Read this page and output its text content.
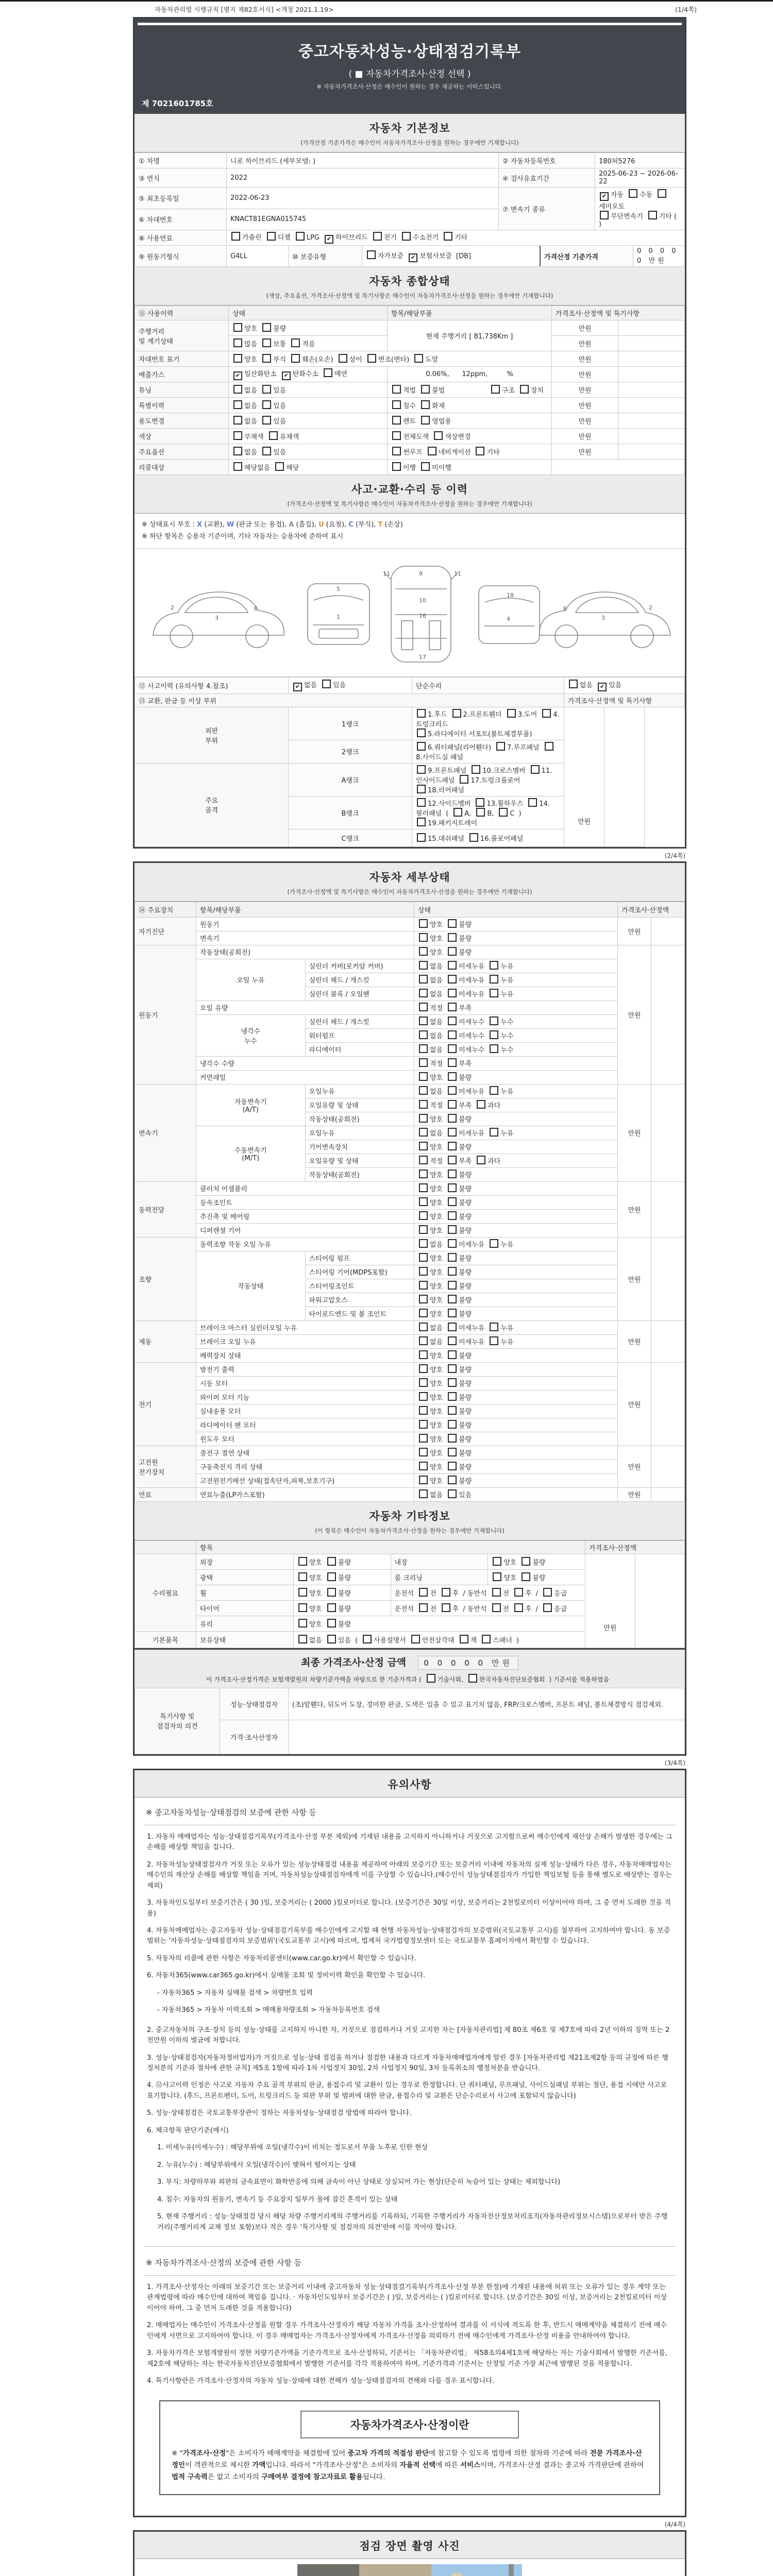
자동차관리법 시행규칙 [별지 제82호서식] <개정 2021.1.19>	(1/4쪽)
중고자동차성능·상태점검기록부
( ■ 자동차가격조사·산정 선택 )
※ 자동차가격조사·산정은 매수인이 원하는 경우 제공하는 서비스입니다.
제 7021601785호
자동차 기본정보
(가격산정 기준가격은 매수인이 자동차가격조사·산정을 원하는 경우에만 기재합니다)
① 차명	니로 하이브리드 (세부모델: )	② 자동차등록번호	180허5276
③ 연식	2022	④ 검사유효기간	2025-06-23 ~ 2026-06-22
⑤ 최초등록일	2022-06-23	⑦ 변속기 종류	✔ 자동 수동세미오토
무단변속기 기타 ( )
⑥ 차대번호	KNACT81EGNA015745
⑧ 사용연료	가솔린 디젤 LPG ✔ 하이브리드 전기 수소전기 기타
⑨ 원동기형식		G4LL	⑩ 보증유형	자가보증 ✔ 보험사보증 [DB]	가격산정 기준가격	0 0 0 0 0 만원
자동차 종합상태
(색상, 주요옵션, 가격조사·산정액 및 특기사항은 매수인이 자동차가격조사·산정을 원하는 경우에만 기재합니다)
⑪ 사용이력	상태	항목/해당부품	가격조사·산정액 및 특기사항	
주행거리
및 계기상태	양호 불량	현재 주행거리 [ 81,738Km ]	만원	
	많음 보통 적음		만원	
차대번호 표기	양호 부식 훼손(오손) 상이 변조(변타) 도말		만원	
배출가스	✔ 일산화탄소 ✔ 탄화수소 매연	0.06%,      12ppm,         %	만원	
튜닝	없음 있음	적법 불법 구조 장치	만원	
특별이력	없음 있음	침수 화재	만원	
용도변경	없음 있음	렌트 영업용	만원	
색상	무채색 유채색	전체도색 색상변경	만원	
주요옵션	없음 있음	썬루프 네비게이션 기타	만원	
리콜대상	해당없음 해당	이행 미이행		
사고·교환·수리 등 이력
(가격조사·산정액 및 특기사항은 매수인이 자동차가격조사·산정을 원하는 경우에만 기재합니다)
※ 상태표시 부호 : X (교환), W (판금 또는 용접), A (흠집), U (요철), C (부식), T (손상)
※ 하단 항목은 승용차 기준이며, 기타 자동차는 승용차에 준하여 표시
2
3
6
1
5
11	11
9
10
16
17
4
18
2
3
6
⑫ 사고이력 (유의사항 4.참조)	✔ 없음 있음	단순수리	없음 ✔ 있음	
⑬ 교환, 판금 등 이상 부위			가격조사·산정액 및 특기사항	
외판
부위	1랭크	1.후드 2.프론트휀더 3.도어 4.트렁크리드
5.라디에이터 서포트(볼트체결부품)	만원	
	2랭크	6.쿼터패널(리어휀다) 7.루프패널8.사이드실 패널		
주요
골격	A랭크	9.프론트패널 10.크로스멤버 11.인사이드패널 17.트렁크플로어
18.리어패널		
	B랭크	12.사이드멤버 13.휠하우스 14.필러패널 ( A, B, C )
19.패키지트레이		
	C랭크	15.대쉬패널 16.플로어패널		
(2/4쪽)
자동차 세부상태
(가격조사·산정액 및 특기사항은 매수인이 자동차가격조사·산정을 원하는 경우에만 기재합니다)
⑭ 주요장치	항목/해당부품		상태	가격조사·산정액	
자기진단	원동기		양호 불량	만원	
	변속기		양호 불량		
원동기	작동상태(공회전)		양호 불량	만원	
	오일 누유	실린더 커버(로커암 커버)	없음 미세누유 누유		
		실린더 헤드 / 개스킷	없음 미세누유 누유		
		실린더 블록 / 오일팬	없음 미세누유 누유		
	오일 유량		적정 부족		
	냉각수
누수	실린더 헤드 / 개스킷	없음 미세누수 누수		
		워터펌프	없음 미세누수 누수		
		라디에이터	없음 미세누수 누수		
	냉각수 수량		적정 부족		
	커먼레일		양호 불량		
변속기	자동변속기
(A/T)	오일누유	없음 미세누유 누유	만원	
		오일유량 및 상태	적정 부족 과다		
		작동상태(공회전)	양호 불량		
	수동변속기
(M/T)	오일누유	없음 미세누유 누유		
		기어변속장치	양호 불량		
		오일유량 및 상태	적정 부족 과다		
		작동상태(공회전)	양호 불량		
동력전달	클러치 어셈블리		양호 불량	만원	
	등속조인트		양호 불량		
	추진축 및 베어링		양호 불량		
	디퍼렌셜 기어		양호 불량		
조향	동력조향 작동 오일 누유		없음 미세누유 누유	만원	
	작동상태	스티어링 펌프	양호 불량		
		스티어링 기어(MDPS포함)	양호 불량		
		스티어링조인트	양호 불량		
		파워고압호스	양호 불량		
		타이로드엔드 및 볼 조인트	양호 불량		
제동	브레이크 마스터 실린더오일 누유		없음 미세누유 누유	만원	
	브레이크 오일 누유		없음 미세누유 누유		
	배력장치 상태		양호 불량		
전기	발전기 출력		양호 불량	만원	
	시동 모터		양호 불량		
	와이퍼 모터 기능		양호 불량		
	실내송풍 모터		양호 불량		
	라디에이터 팬 모터		양호 불량		
	윈도우 모터		양호 불량		
고전원
전기장치	충전구 절연 상태		양호 불량	만원	
	구동축전지 격리 상태		양호 불량		
	고전원전기배선 상태(접속단자,피복,보호기구)		양호 불량		
연료	연료누출(LP가스포함)		없음 있음	만원	
자동차 기타정보
(이 항목은 매수인이 자동차가격조사·산정을 원하는 경우에만 기재합니다)
	항목				가격조사·산정액	
수리필요	외장	양호 불량	내장	양호 불량	만원	
	광택	양호 불량	룸 크리닝	양호 불량		
	휠	양호 불량	운전석 전 후 / 동반석 전 후 / 응급			
	타이어	양호 불량	운전석 전 후 / 동반석 전 후 / 응급			
	유리	양호 불량				
기본품목	보유상태	없음 있음 ( 사용설명서 안전삼각대 잭 스패너 )				
최종 가격조사·산정 금액 0 0 0 0 0 만원
이 가격조사·산정가격은 보험개발원의 차량기준가액을 바탕으로 한 기준가격과 (	기술사회,	한국자동차진단보증협회 ) 기준서를 적용하였음
특기사항 및
점검자의 의견	성능·상태점검자	(조)앞휀다, 뒤도어 도장, 경미한 판금, 도색은 있을 수 있고 표기치 않음, FRP/크로스멤버, 프론트 패널, 볼트체결방식 점검제외.
	가격·조사산정자	
(3/4쪽)
유의사항
※ 중고자동차성능·상태점검의 보증에 관한 사항 등
1. 자동차 매매업자는 성능·상태점검기록부(가격조사·산정 부분 제외)에 기재된 내용을 고지하지 아니하거나 거짓으로 고지함으로써 매수인에게 재산상 손해가 발생한 경우에는 그 손해를 배상할 책임을 집니다.
2. 자동차성능상태점검자가 거짓 또는 오류가 있는 성능상태점검 내용을 제공하여 아래의 보증기간 또는 보증거리 이내에 자동차의 실제 성능·상태가 다른 경우, 자동차매매업자는 매수인의 재산상 손해를 배상할 책임을 지며, 자동차성능상태점검자에게 이를 구상할 수 있습니다.(매수인이 성능상태점검자가 가입한 책임보험 등을 통해 별도로 배상받는 경우는 제외)
3. 자동차인도일부터 보증기간은 ( 30 )일, 보증거리는 ( 2000 )킬로미터로 합니다. (보증기간은 30일 이상, 보증거리는 2천킬로미터 이상이어야 하며, 그 중 먼저 도래한 것을 적용)
4. 자동차매매업자는 중고자동차 성능·상태점검기록부를 매수인에게 고지할 때 현행 자동차성능·상태점검자의 보증범위(국토교통부 고시)를 첨부하여 고지하여야 합니다. 동 보증범위는 '자동차성능·상태점검자의 보증범위'(국토교통부 고시)에 따르며, 법제처 국가법령정보센터 또는 국토교통부 홈페이지에서 확인할 수 있습니다.
5. 자동차의 리콜에 관한 사항은 자동차리콜센터(www.car.go.kr)에서 확인할 수 있습니다.
6. 자동차365(www.car365.go.kr)에서 실매물 조회 및 정비이력 확인을 확인할 수 있습니다.
- 자동차365 > 자동차 실매물 검색 > 차량번호 입력
- 자동차365 > 자동차 이력조회 > 매매용차량조회 > 자동차등록번호 검색
2. 중고자동차의 구조·장치 등의 성능·상태를 고지하지 아니한 자, 거짓으로 점검하거나 거짓 고지한 자는 [자동차관리법] 제 80조 제6호 및 제7호에 따라 2년 이하의 징역 또는 2천만원 이하의 벌금에 처합니다.
3. 성능·상태점검자(자동차정비업자)가 거짓으로 성능·상태 점검을 하거나 점검한 내용과 다르게 자동차매매업자에게 알린 경우 [자동차관리법 제21조제2항 등의 규정에 따른 행정처분의 기준과 절차에 관한 규칙] 제5조 1항에 따라 1차 사업정지 30일, 2차 사업정지 90일, 3차 등록취소의 행정처분을 받습니다.
4. ⑫사고이력 인정은 사고로 자동차 주요 골격 부위의 판금, 용접수리 및 교환이 있는 경우로 한정합니다. 단 쿼터패널, 루프패널, 사이드실패널 부위는 절단, 용접 시에만 사고로 표기합니다. (후드, 프론트펜더, 도어, 트렁크리드 등 외판 부위 및 범퍼에 대한 판금, 용접수리 및 교환은 단순수리로서 사고에 포함되지 않습니다)
5. 성능·상태점검은 국토교통부장관이 정하는 자동차성능·상태점검 방법에 따라야 합니다.
6. 체크항목 판단기준(예시)
1. 미세누유(미세누수) : 해당부위에 오일(냉각수)이 비치는 정도로서 부품 노후로 인한 현상
2. 누유(누수) : 해당부위에서 오일(냉각수)이 맺혀서 떨어지는 상태
3. 부식: 차량하부와 외판의 금속표면이 화학반응에 의해 금속이 아닌 상태로 상실되어 가는 현상(단순히 녹슬어 있는 상태는 제외합니다)
4. 침수: 자동차의 원동기, 변속기 등 주요장치 일부가 물에 잠긴 흔적이 있는 상태
5. 현재 주행거리 : 성능·상태점검 당시 해당 차량 주행거리계의 주행거리를 기록하되, 기록한 주행거리가 자동차전산정보처리조직(자동차관리정보시스템)으로부터 받은 주행거리(주행거리계 교체 정보 포함)보다 적은 경우 '특기사항 및 점검자의 의견'란에 이를 적어야 합니다.
※ 자동차가격조사·산정의 보증에 관한 사항 등
1. 가격조사·산정자는 아래의 보증기간 또는 보증거리 이내에 중고자동차 성능·상태점검기록부(가격조사·산정 부분 한정)에 기재된 내용에 허위 또는 오류가 있는 경우 계약 또는 관계법령에 따라 매수인에 대하여 책임을 집니다. · 자동차인도일부터 보증기간은 ( )일, 보증거리는 ( )킬로미터로 합니다. (보증기간은 30일 이상, 보증거리는 2천킬로미터 이상이어야 하며, 그 중 먼저 도래한 것을 적용합니다)
2. 매매업자는 매수인이 가격조사·산정을 원할 경우 가격조사·산정자가 해당 자동차 가격을 조사·산정하여 결과를 이 서식에 적도록 한 후, 반드시 매매계약을 체결하기 전에 매수인에게 서면으로 고지하여야 합니다. 이 경우 매매업자는 가격조사·산정자에게 가격조사·산정을 의뢰하기 전에 매수인에게 가격조사·산정 비용을 안내하여야 합니다.
3. 자동차가격은 보험개발원이 정한 차량기준가액을 기준가격으로 조사·산정하되, 기준서는 「자동차관리법」 제58조의4제1호에 해당하는 자는 기술사회에서 발행한 기준서를, 제2호에 해당하는 자는 한국자동차진단보증협회에서 발행한 기준서를 각각 적용하여야 하며, 기준가격과 기준서는 산정일 기준 가장 최근에 발행된 것을 적용합니다.
4. 특기사항란은 가격조사·산정자의 자동차 성능·상태에 대한 견해가 성능·상태점검자의 견해와 다를 경우 표시합니다.
자동차가격조사·산정이란
※ "가격조사·산정"은 소비자가 매매계약을 체결함에 있어 중고차 가격의 적절성 판단에 참고할 수 있도록 법령에 의한 절차와 기준에 따라 전문 가격조사·산정인이 객관적으로 제시한 가액입니다. 따라서 "가격조사·산정"은 소비자의 자율적 선택에 따른 서비스이며, 가격조사·산정 결과는 중고차 가격판단에 관하여 법적 구속력은 없고 소비자의 구매여부 결정에 참고자료로 활용됩니다.
(4/4쪽)
점검 장면 촬영 사진
